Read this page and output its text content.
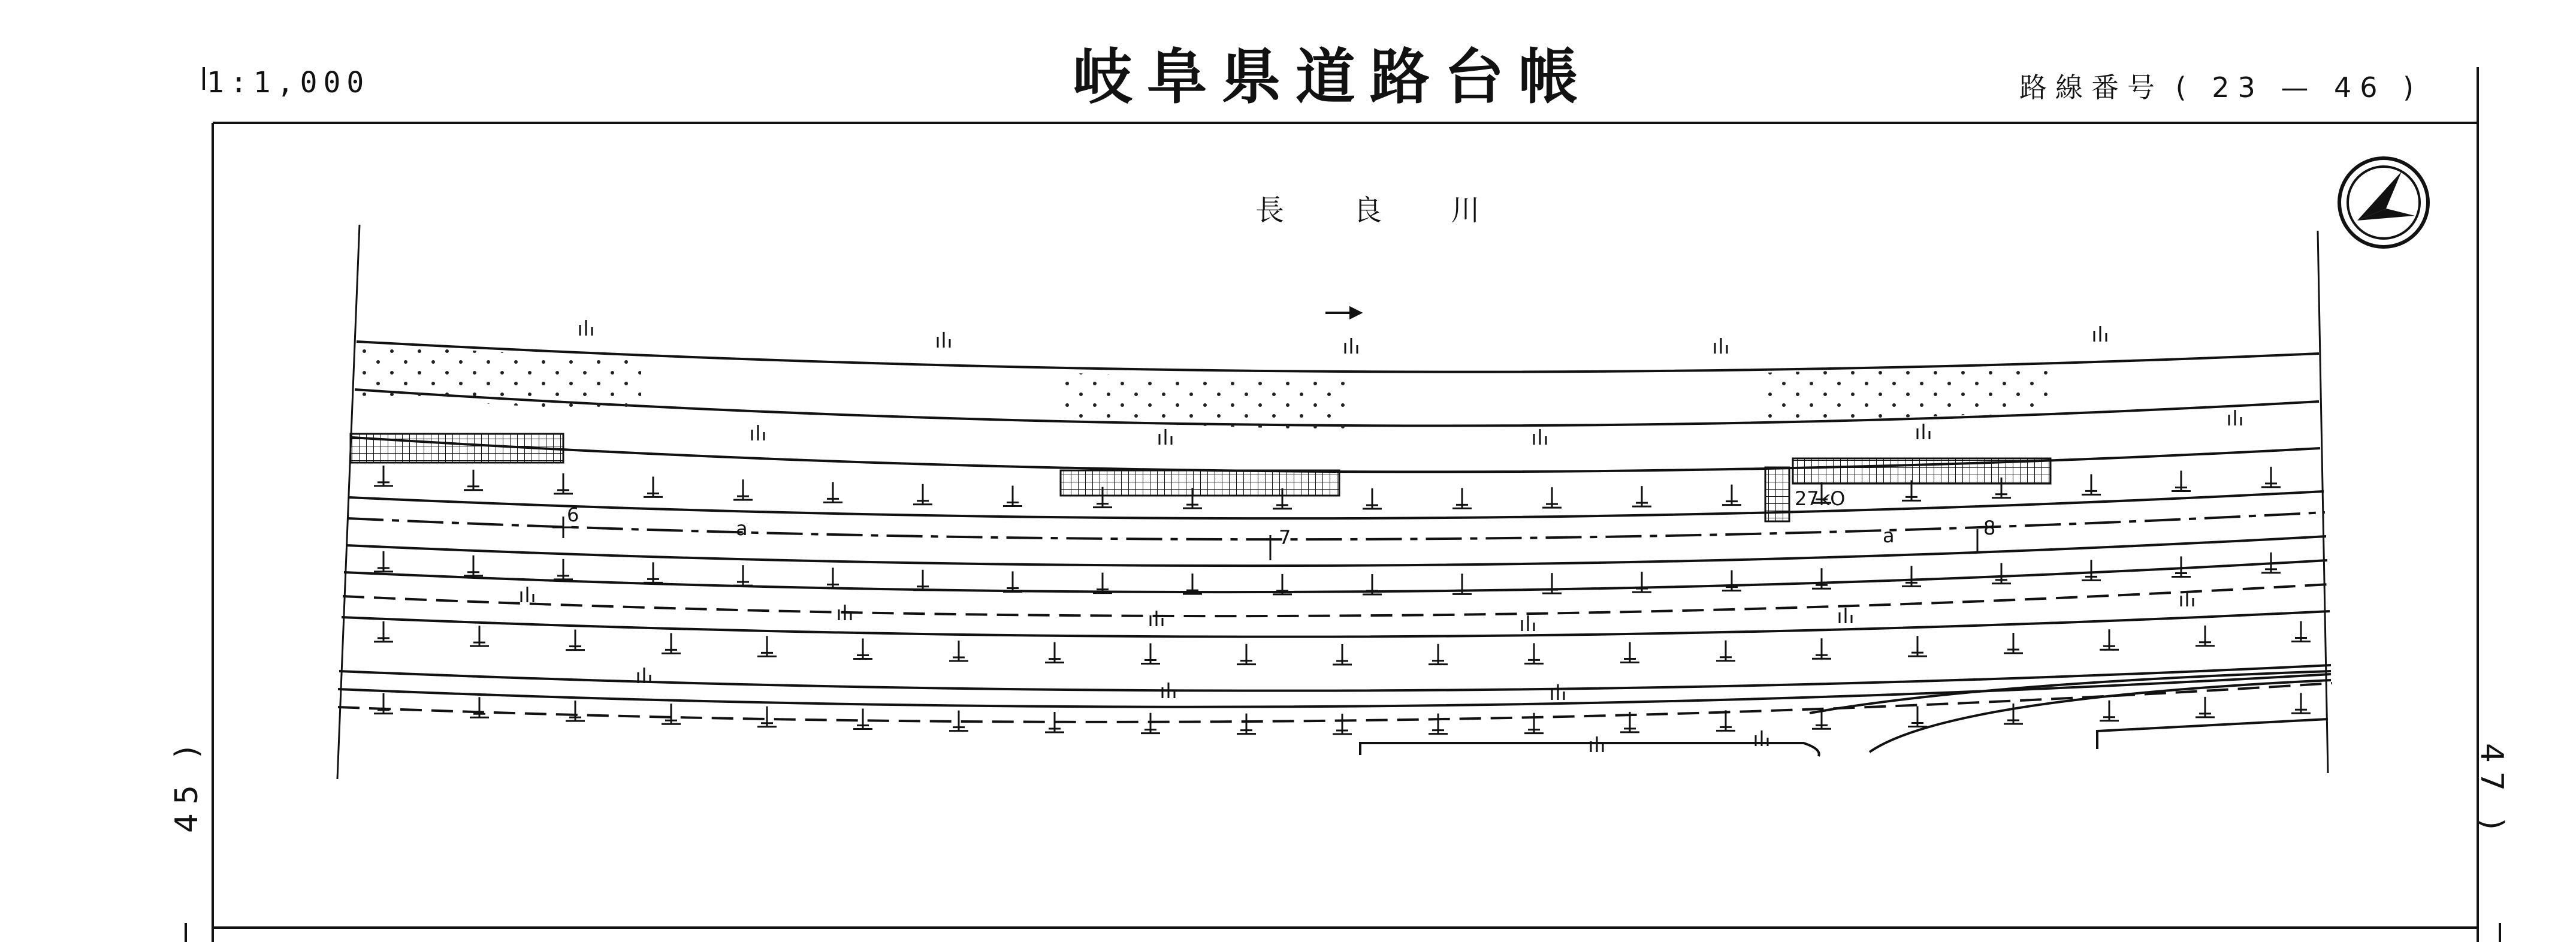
岐阜県道路台帳
1:1,000	路線番号 ( 23 — 46 )
長 良 川
45 )	47 )
6
7	8
a	a
27kO
